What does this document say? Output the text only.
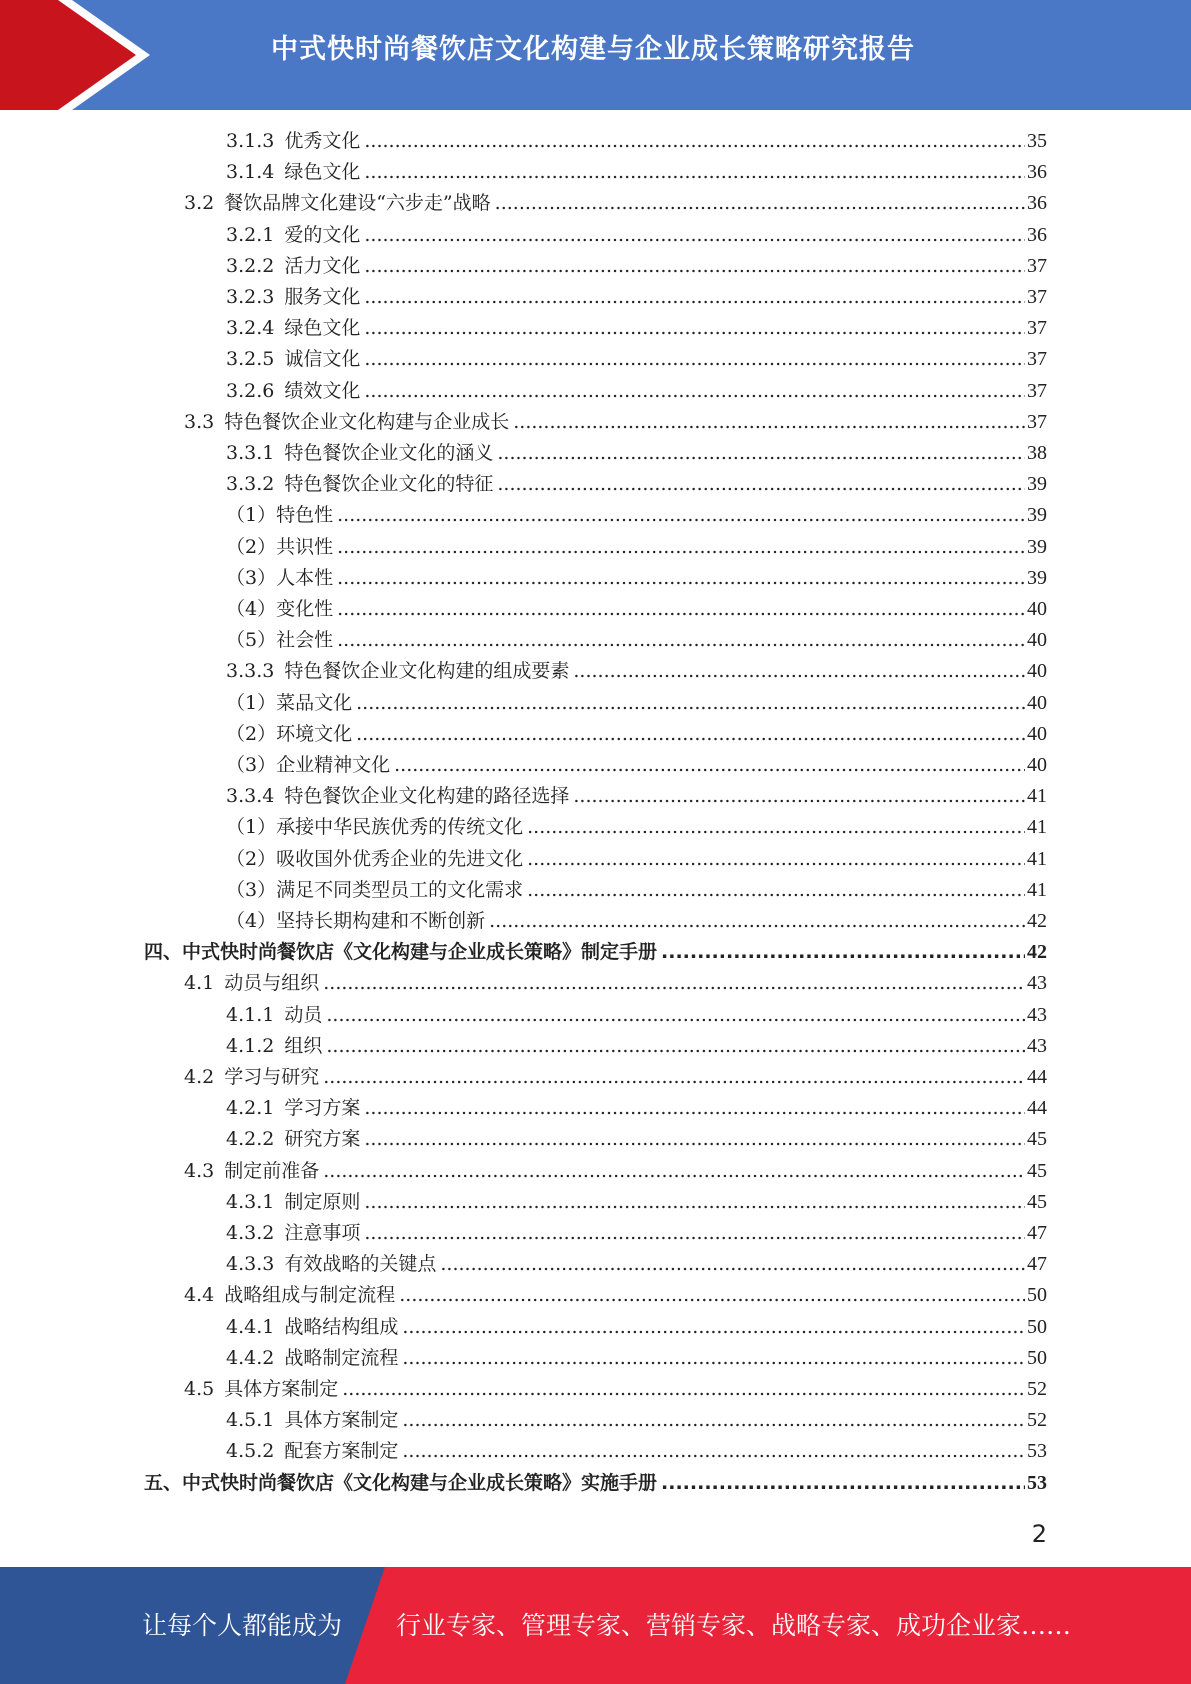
中式快时尚餐饮店文化构建与企业成长策略研究报告
3.1.3 优秀文化 .....	35
3.1.4 绿色文化 .....	36
3.2 餐饮品牌文化建设“六步走”战略 .....	36
3.2.1 爱的文化 .....	36
3.2.2 活力文化 .....	37
3.2.3 服务文化 .....	37
3.2.4 绿色文化 .....	37
3.2.5 诚信文化 .....	37
3.2.6 绩效文化 .....	37
3.3 特色餐饮企业文化构建与企业成长 .....	37
3.3.1 特色餐饮企业文化的涵义 .....	38
3.3.2 特色餐饮企业文化的特征 .....	39
（1） 特色性 .....	39
（2） 共识性 .....	39
（3） 人本性 .....	39
（4） 变化性 .....	40
（5） 社会性 .....	40
3.3.3 特色餐饮企业文化构建的组成要素 .....	40
（1） 菜品文化 .....	40
（2） 环境文化 .....	40
（3） 企业精神文化 .....	40
3.3.4 特色餐饮企业文化构建的路径选择 .....	41
（1） 承接中华民族优秀的传统文化 .....	41
（2） 吸收国外优秀企业的先进文化 .....	41
（3） 满足不同类型员工的文化需求 .....	41
（4） 坚持长期构建和不断创新 .....	42
四、 中式快时尚餐饮店《文化构建与企业成长策略》制定手册 .....	42
4.1 动员与组织 .....	43
4.1.1 动员 .....	43
4.1.2 组织 .....	43
4.2 学习与研究 .....	44
4.2.1 学习方案 .....	44
4.2.2 研究方案 .....	45
4.3 制定前准备 .....	45
4.3.1 制定原则 .....	45
4.3.2 注意事项 .....	47
4.3.3 有效战略的关键点 .....	47
4.4 战略组成与制定流程 .....	50
4.4.1 战略结构组成 .....	50
4.4.2 战略制定流程 .....	50
4.5 具体方案制定 .....	52
4.5.1 具体方案制定 .....	52
4.5.2 配套方案制定 .....	53
五、 中式快时尚餐饮店《文化构建与企业成长策略》实施手册 .....	53
2
让每个人都能成为 行业专家、管理专家、营销专家、战略专家、成功企业家……
